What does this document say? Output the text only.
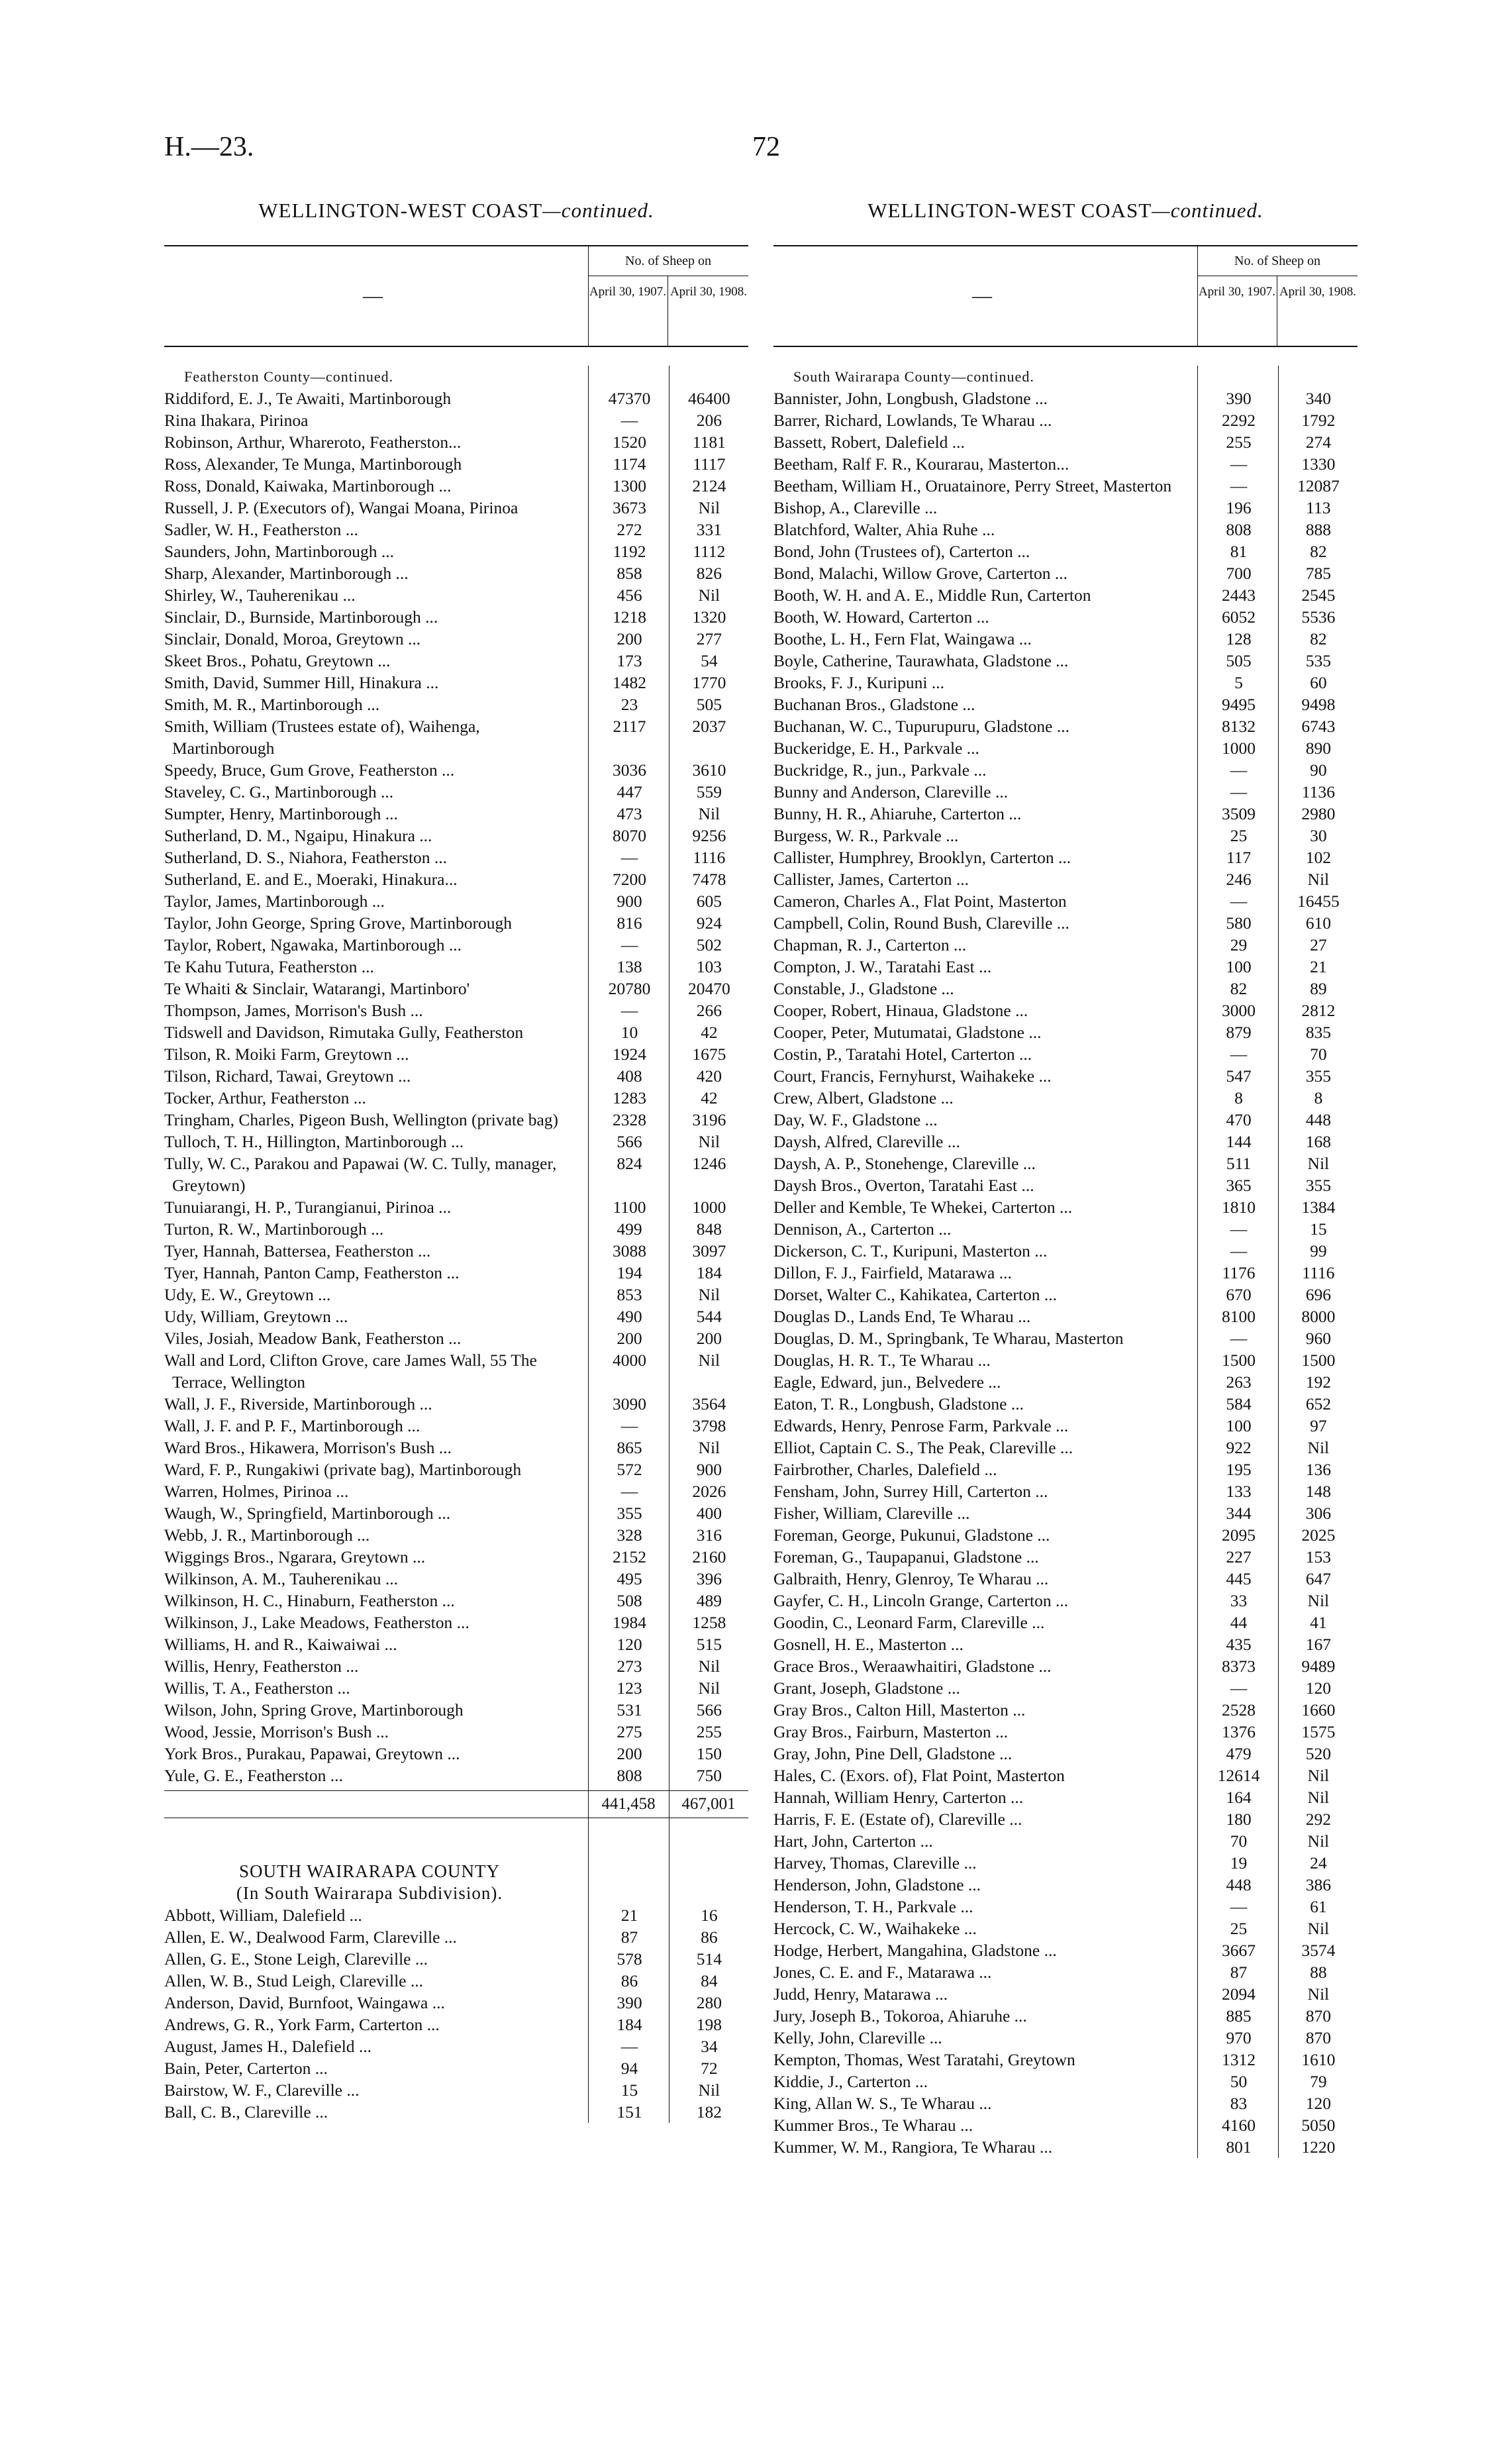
H.—23.	72
WELLINGTON-WEST COAST—continued.
—
No. of Sheep on
April 30, 1907. April 30, 1908.
Featherston County—continued.
Riddiford, E. J., Te Awaiti, Martinborough	47370	46400
Rina Ihakara, Pirinoa	—	206
Robinson, Arthur, Whareroto, Featherston...	1520	1181
Ross, Alexander, Te Munga, Martinborough	1174	1117
Ross, Donald, Kaiwaka, Martinborough ...	1300	2124
Russell, J. P. (Executors of), Wangai Moana, Pirinoa	3673	Nil
Sadler, W. H., Featherston ...	272	331
Saunders, John, Martinborough ...	1192	1112
Sharp, Alexander, Martinborough ...	858	826
Shirley, W., Tauherenikau ...	456	Nil
Sinclair, D., Burnside, Martinborough ...	1218	1320
Sinclair, Donald, Moroa, Greytown ...	200	277
Skeet Bros., Pohatu, Greytown ...	173	54
Smith, David, Summer Hill, Hinakura ...	1482	1770
Smith, M. R., Martinborough ...	23	505
Smith, William (Trustees estate of), Waihenga, Martinborough
2117	2037
Speedy, Bruce, Gum Grove, Featherston ...	3036	3610
Staveley, C. G., Martinborough ...	447	559
Sumpter, Henry, Martinborough ...	473	Nil
Sutherland, D. M., Ngaipu, Hinakura ...	8070	9256
Sutherland, D. S., Niahora, Featherston ...	—	1116
Sutherland, E. and E., Moeraki, Hinakura...	7200	7478
Taylor, James, Martinborough ...	900	605
Taylor, John George, Spring Grove, Martinborough	816	924
Taylor, Robert, Ngawaka, Martinborough ...	—	502
Te Kahu Tutura, Featherston ...	138	103
Te Whaiti & Sinclair, Watarangi, Martinboro'	20780	20470
Thompson, James, Morrison's Bush ...	—	266
Tidswell and Davidson, Rimutaka Gully, Featherston	10	42
Tilson, R. Moiki Farm, Greytown ...	1924	1675
Tilson, Richard, Tawai, Greytown ...	408	420
Tocker, Arthur, Featherston ...	1283	42
Tringham, Charles, Pigeon Bush, Wellington (private bag)	2328	3196
Tulloch, T. H., Hillington, Martinborough ...	566	Nil
Tully, W. C., Parakou and Papawai (W. C. Tully, manager, Greytown)
824	1246
Tunuiarangi, H. P., Turangianui, Pirinoa ...	1100	1000
Turton, R. W., Martinborough ...	499	848
Tyer, Hannah, Battersea, Featherston ...	3088	3097
Tyer, Hannah, Panton Camp, Featherston ...	194	184
Udy, E. W., Greytown ...	853	Nil
Udy, William, Greytown ...	490	544
Viles, Josiah, Meadow Bank, Featherston ...	200	200
Wall and Lord, Clifton Grove, care James Wall, 55 The Terrace, Wellington
4000	Nil
Wall, J. F., Riverside, Martinborough ...	3090	3564
Wall, J. F. and P. F., Martinborough ...	—	3798
Ward Bros., Hikawera, Morrison's Bush ...	865	Nil
Ward, F. P., Rungakiwi (private bag), Martinborough	572	900
Warren, Holmes, Pirinoa ...	—	2026
Waugh, W., Springfield, Martinborough ...	355	400
Webb, J. R., Martinborough ...	328	316
Wiggings Bros., Ngarara, Greytown ...	2152	2160
Wilkinson, A. M., Tauherenikau ...	495	396
Wilkinson, H. C., Hinaburn, Featherston ...	508	489
Wilkinson, J., Lake Meadows, Featherston ...	1984	1258
Williams, H. and R., Kaiwaiwai ...	120	515
Willis, Henry, Featherston ...	273	Nil
Willis, T. A., Featherston ...	123	Nil
Wilson, John, Spring Grove, Martinborough	531	566
Wood, Jessie, Morrison's Bush ...	275	255
York Bros., Purakau, Papawai, Greytown ...	200	150
Yule, G. E., Featherston ...	808	750
441,458	467,001
SOUTH WAIRARAPA COUNTY
(In South Wairarapa Subdivision).
Abbott, William, Dalefield ...	21	16
Allen, E. W., Dealwood Farm, Clareville ...	87	86
Allen, G. E., Stone Leigh, Clareville ...	578	514
Allen, W. B., Stud Leigh, Clareville ...	86	84
Anderson, David, Burnfoot, Waingawa ...	390	280
Andrews, G. R., York Farm, Carterton ...	184	198
August, James H., Dalefield ...	—	34
Bain, Peter, Carterton ...	94	72
Bairstow, W. F., Clareville ...	15	Nil
Ball, C. B., Clareville ...	151	182
WELLINGTON-WEST COAST—continued.
—
No. of Sheep on
April 30, 1907. April 30, 1908.
South Wairarapa County—continued.
Bannister, John, Longbush, Gladstone ...	390	340
Barrer, Richard, Lowlands, Te Wharau ...	2292	1792
Bassett, Robert, Dalefield ...	255	274
Beetham, Ralf F. R., Kourarau, Masterton...	—	1330
Beetham, William H., Oruatainore, Perry Street, Masterton	—	12087
Bishop, A., Clareville ...	196	113
Blatchford, Walter, Ahia Ruhe ...	808	888
Bond, John (Trustees of), Carterton ...	81	82
Bond, Malachi, Willow Grove, Carterton ...	700	785
Booth, W. H. and A. E., Middle Run, Carterton	2443	2545
Booth, W. Howard, Carterton ...	6052	5536
Boothe, L. H., Fern Flat, Waingawa ...	128	82
Boyle, Catherine, Taurawhata, Gladstone ...	505	535
Brooks, F. J., Kuripuni ...	5	60
Buchanan Bros., Gladstone ...	9495	9498
Buchanan, W. C., Tupurupuru, Gladstone ...	8132	6743
Buckeridge, E. H., Parkvale ...	1000	890
Buckridge, R., jun., Parkvale ...	—	90
Bunny and Anderson, Clareville ...	—	1136
Bunny, H. R., Ahiaruhe, Carterton ...	3509	2980
Burgess, W. R., Parkvale ...	25	30
Callister, Humphrey, Brooklyn, Carterton ...	117	102
Callister, James, Carterton ...	246	Nil
Cameron, Charles A., Flat Point, Masterton	—	16455
Campbell, Colin, Round Bush, Clareville ...	580	610
Chapman, R. J., Carterton ...	29	27
Compton, J. W., Taratahi East ...	100	21
Constable, J., Gladstone ...	82	89
Cooper, Robert, Hinaua, Gladstone ...	3000	2812
Cooper, Peter, Mutumatai, Gladstone ...	879	835
Costin, P., Taratahi Hotel, Carterton ...	—	70
Court, Francis, Fernyhurst, Waihakeke ...	547	355
Crew, Albert, Gladstone ...	8	8
Day, W. F., Gladstone ...	470	448
Daysh, Alfred, Clareville ...	144	168
Daysh, A. P., Stonehenge, Clareville ...	511	Nil
Daysh Bros., Overton, Taratahi East ...	365	355
Deller and Kemble, Te Whekei, Carterton ...	1810	1384
Dennison, A., Carterton ...	—	15
Dickerson, C. T., Kuripuni, Masterton ...	—	99
Dillon, F. J., Fairfield, Matarawa ...	1176	1116
Dorset, Walter C., Kahikatea, Carterton ...	670	696
Douglas D., Lands End, Te Wharau ...	8100	8000
Douglas, D. M., Springbank, Te Wharau, Masterton	—	960
Douglas, H. R. T., Te Wharau ...	1500	1500
Eagle, Edward, jun., Belvedere ...	263	192
Eaton, T. R., Longbush, Gladstone ...	584	652
Edwards, Henry, Penrose Farm, Parkvale ...	100	97
Elliot, Captain C. S., The Peak, Clareville ...	922	Nil
Fairbrother, Charles, Dalefield ...	195	136
Fensham, John, Surrey Hill, Carterton ...	133	148
Fisher, William, Clareville ...	344	306
Foreman, George, Pukunui, Gladstone ...	2095	2025
Foreman, G., Taupapanui, Gladstone ...	227	153
Galbraith, Henry, Glenroy, Te Wharau ...	445	647
Gayfer, C. H., Lincoln Grange, Carterton ...	33	Nil
Goodin, C., Leonard Farm, Clareville ...	44	41
Gosnell, H. E., Masterton ...	435	167
Grace Bros., Weraawhaitiri, Gladstone ...	8373	9489
Grant, Joseph, Gladstone ...	—	120
Gray Bros., Calton Hill, Masterton ...	2528	1660
Gray Bros., Fairburn, Masterton ...	1376	1575
Gray, John, Pine Dell, Gladstone ...	479	520
Hales, C. (Exors. of), Flat Point, Masterton	12614	Nil
Hannah, William Henry, Carterton ...	164	Nil
Harris, F. E. (Estate of), Clareville ...	180	292
Hart, John, Carterton ...	70	Nil
Harvey, Thomas, Clareville ...	19	24
Henderson, John, Gladstone ...	448	386
Henderson, T. H., Parkvale ...	—	61
Hercock, C. W., Waihakeke ...	25	Nil
Hodge, Herbert, Mangahina, Gladstone ...	3667	3574
Jones, C. E. and F., Matarawa ...	87	88
Judd, Henry, Matarawa ...	2094	Nil
Jury, Joseph B., Tokoroa, Ahiaruhe ...	885	870
Kelly, John, Clareville ...	970	870
Kempton, Thomas, West Taratahi, Greytown	1312	1610
Kiddie, J., Carterton ...	50	79
King, Allan W. S., Te Wharau ...	83	120
Kummer Bros., Te Wharau ...	4160	5050
Kummer, W. M., Rangiora, Te Wharau ...	801	1220
